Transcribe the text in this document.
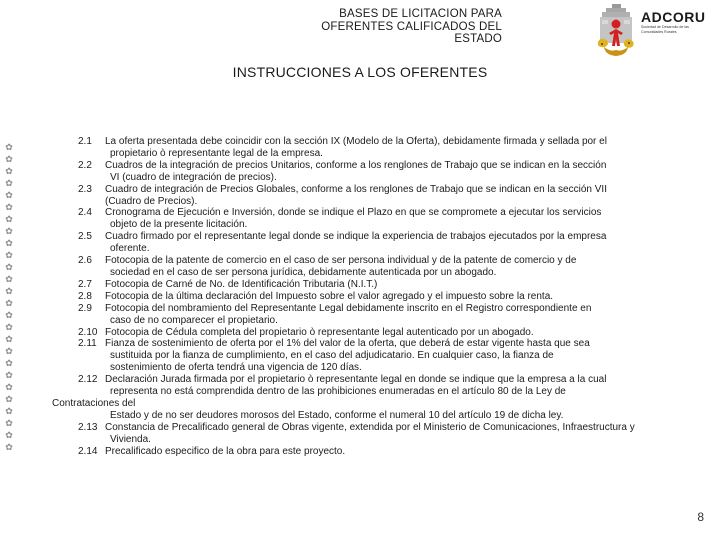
BASES DE LICITACION PARA
OFERENTES CALIFICADOS DEL
ESTADO
ADCORU
Sociedad de Desarrollo de las
Comunidades Rurales
INSTRUCCIONES A LOS OFERENTES
✿
✿
✿
✿
✿
✿
✿
✿
✿
✿
✿
✿
✿
✿
✿
✿
✿
✿
✿
✿
✿
✿
✿
✿
✿
✿
2.1 La oferta presentada debe coincidir con la sección IX (Modelo de la Oferta), debidamente firmada y sellada por el
propietario ò representante legal de la empresa.
2.2 Cuadros de la integración de precios Unitarios, conforme a los renglones de Trabajo que se indican en la sección
VI (cuadro de integración de precios).
2.3 Cuadro de integración de Precios Globales, conforme a los renglones de Trabajo que se indican en la sección VII
(Cuadro de Precios).
2.4 Cronograma de Ejecución e Inversión, donde se indique el Plazo en que se compromete a ejecutar los servicios
objeto de la presente licitación.
2.5 Cuadro firmado por el representante legal donde se indique la experiencia de trabajos ejecutados por la empresa
oferente.
2.6 Fotocopia de la patente de comercio en el caso de ser persona individual y de la patente de comercio y de
sociedad en el caso de ser persona jurídica, debidamente autenticada por un abogado.
2.7 Fotocopia de Carné de No. de Identificación Tributaria (N.I.T.)
2.8 Fotocopia de la última declaración del Impuesto sobre el valor agregado y el impuesto sobre la renta.
2.9 Fotocopia del nombramiento del Representante Legal debidamente inscrito en el Registro correspondiente en
caso de no comparecer el propietario.
2.10 Fotocopia de Cédula completa del propietario ò representante legal autenticado por un abogado.
2.11 Fianza de sostenimiento de oferta por el 1% del valor de la oferta, que deberá de estar vigente hasta que sea
sustituida por la fianza de cumplimiento, en el caso del adjudicatario. En cualquier caso, la fianza de
sostenimiento de oferta tendrá una vigencia de 120 días.
2.12 Declaración Jurada firmada por el propietario ò representante legal en donde se indique que la empresa a la cual
representa no está comprendida dentro de las prohibiciones enumeradas en el artículo 80 de la Ley de
Contrataciones del
Estado y de no ser deudores morosos del Estado, conforme el numeral 10 del artículo 19 de dicha ley.
2.13 Constancia de Precalificado general de Obras vigente, extendida por el Ministerio de Comunicaciones, Infraestructura y
Vivienda.
2.14 Precalificado especifico de la obra para este proyecto.
8
